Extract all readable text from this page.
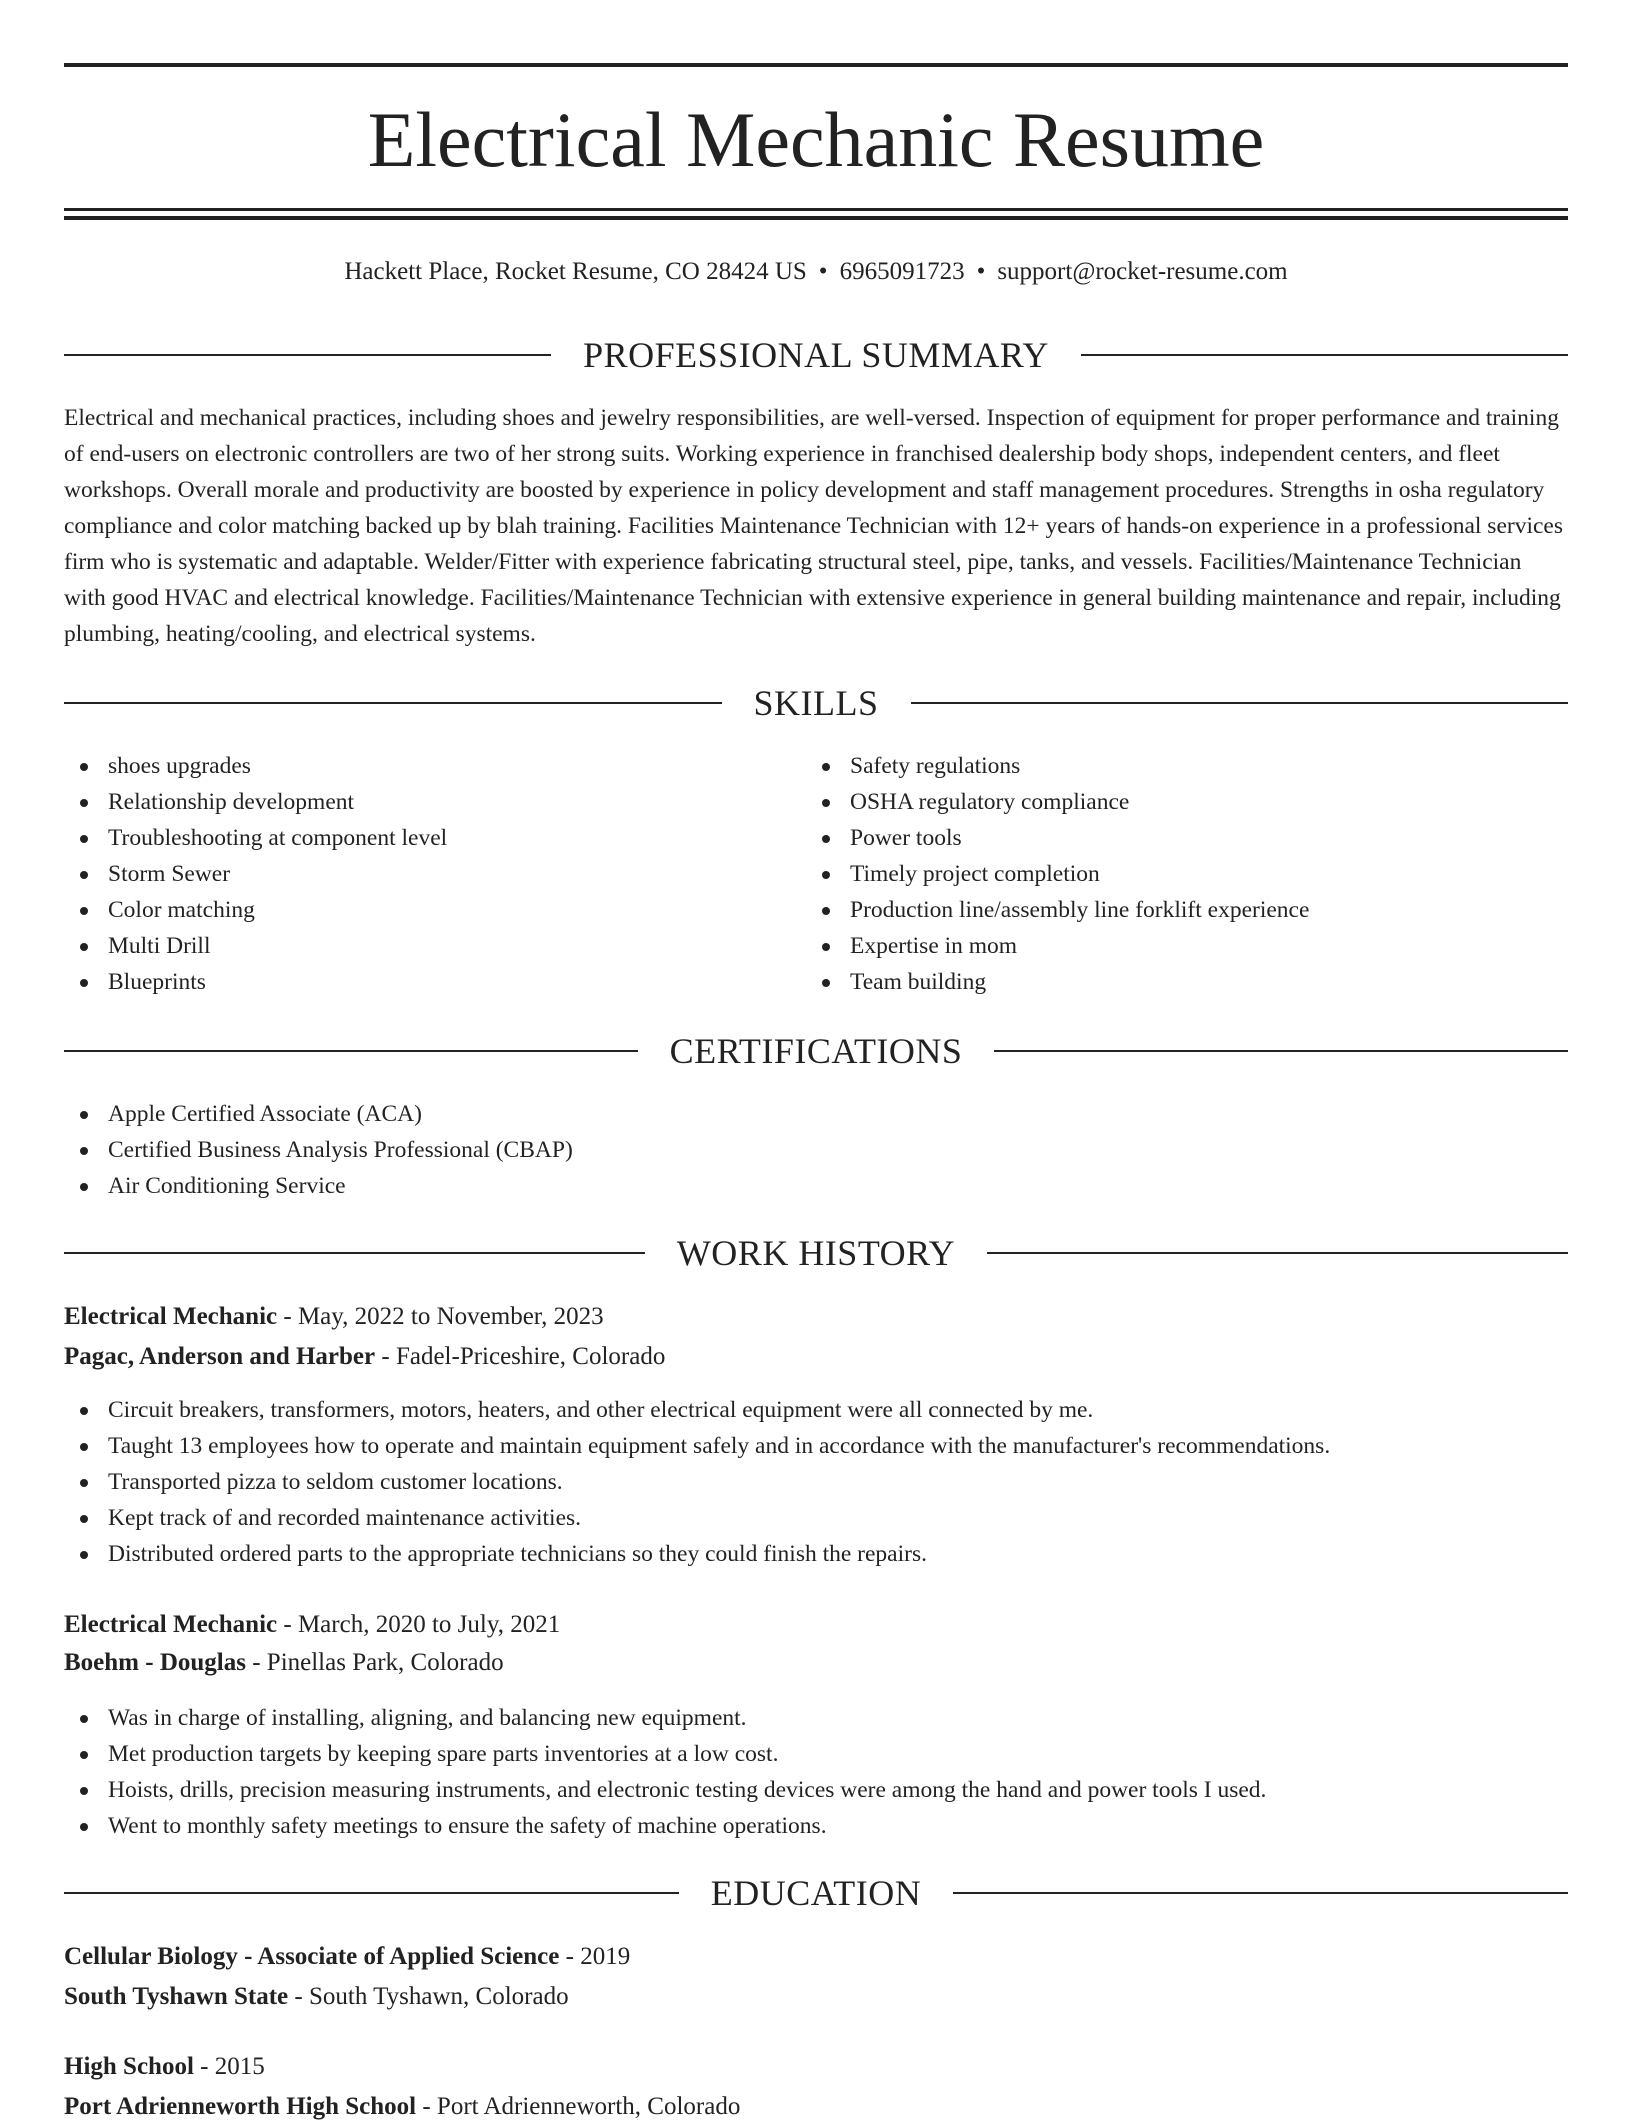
Electrical Mechanic Resume
Hackett Place, Rocket Resume, CO 28424 US • 6965091723 • support@rocket-resume.com
PROFESSIONAL SUMMARY

Electrical and mechanical practices, including shoes and jewelry responsibilities, are well-versed. Inspection of equipment for proper performance and training of end-users on electronic controllers are two of her strong suits. Working experience in franchised dealership body shops, independent centers, and fleet workshops. Overall morale and productivity are boosted by experience in policy development and staff management procedures. Strengths in osha regulatory compliance and color matching backed up by blah training. Facilities Maintenance Technician with 12+ years of hands-on experience in a professional services firm who is systematic and adaptable. Welder/Fitter with experience fabricating structural steel, pipe, tanks, and vessels. Facilities/Maintenance Technician with good HVAC and electrical knowledge. Facilities/Maintenance Technician with extensive experience in general building maintenance and repair, including plumbing, heating/cooling, and electrical systems.

SKILLS
shoes upgrades
Relationship development
Troubleshooting at component level
Storm Sewer
Color matching
Multi Drill
Blueprints
Safety regulations
OSHA regulatory compliance
Power tools
Timely project completion
Production line/assembly line forklift experience
Expertise in mom
Team building
CERTIFICATIONS
Apple Certified Associate (ACA)
Certified Business Analysis Professional (CBAP)
Air Conditioning Service
WORK HISTORY
Electrical Mechanic - May, 2022 to November, 2023
Pagac, Anderson and Harber - Fadel-Priceshire, Colorado
Circuit breakers, transformers, motors, heaters, and other electrical equipment were all connected by me.
Taught 13 employees how to operate and maintain equipment safely and in accordance with the manufacturer's recommendations.
Transported pizza to seldom customer locations.
Kept track of and recorded maintenance activities.
Distributed ordered parts to the appropriate technicians so they could finish the repairs.
Electrical Mechanic - March, 2020 to July, 2021
Boehm - Douglas - Pinellas Park, Colorado
Was in charge of installing, aligning, and balancing new equipment.
Met production targets by keeping spare parts inventories at a low cost.
Hoists, drills, precision measuring instruments, and electronic testing devices were among the hand and power tools I used.
Went to monthly safety meetings to ensure the safety of machine operations.
EDUCATION
Cellular Biology - Associate of Applied Science - 2019
South Tyshawn State - South Tyshawn, Colorado
High School - 2015
Port Adrienneworth High School - Port Adrienneworth, Colorado
